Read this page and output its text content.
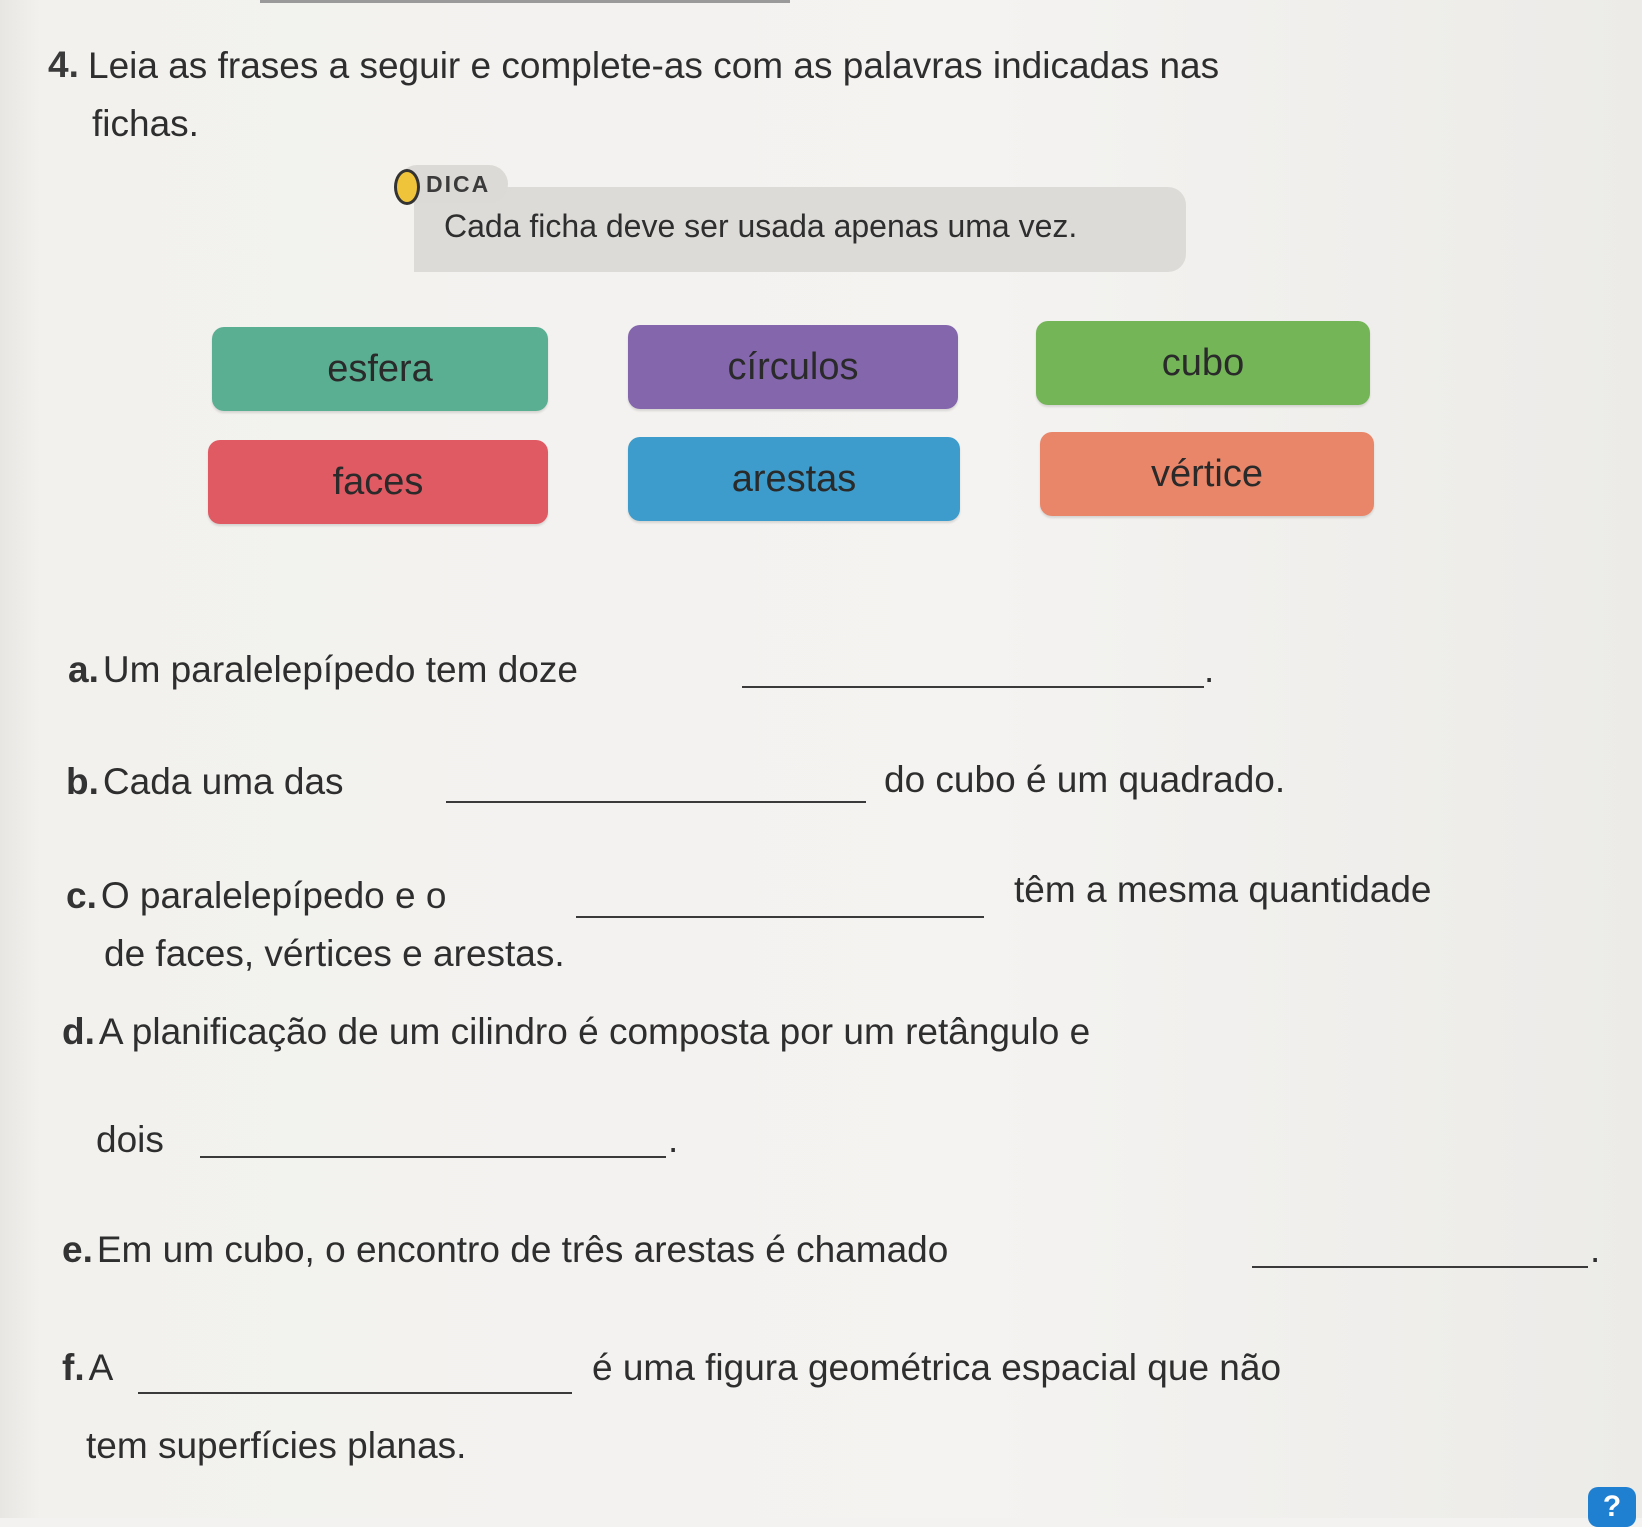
4. Leia as frases a seguir e complete-as com as palavras indicadas nas
fichas.
DICA
Cada ficha deve ser usada apenas uma vez.
esfera	círculos	cubo
faces	arestas	vértice
a. Um paralelepípedo tem doze	.
b. Cada uma das	do cubo é um quadrado.
c. O paralelepípedo e o	têm a mesma quantidade
de faces, vértices e arestas.
d. A planificação de um cilindro é composta por um retângulo e
dois	.
e. Em um cubo, o encontro de três arestas é chamado	.
f. A	é uma figura geométrica espacial que não
tem superfícies planas.
?
